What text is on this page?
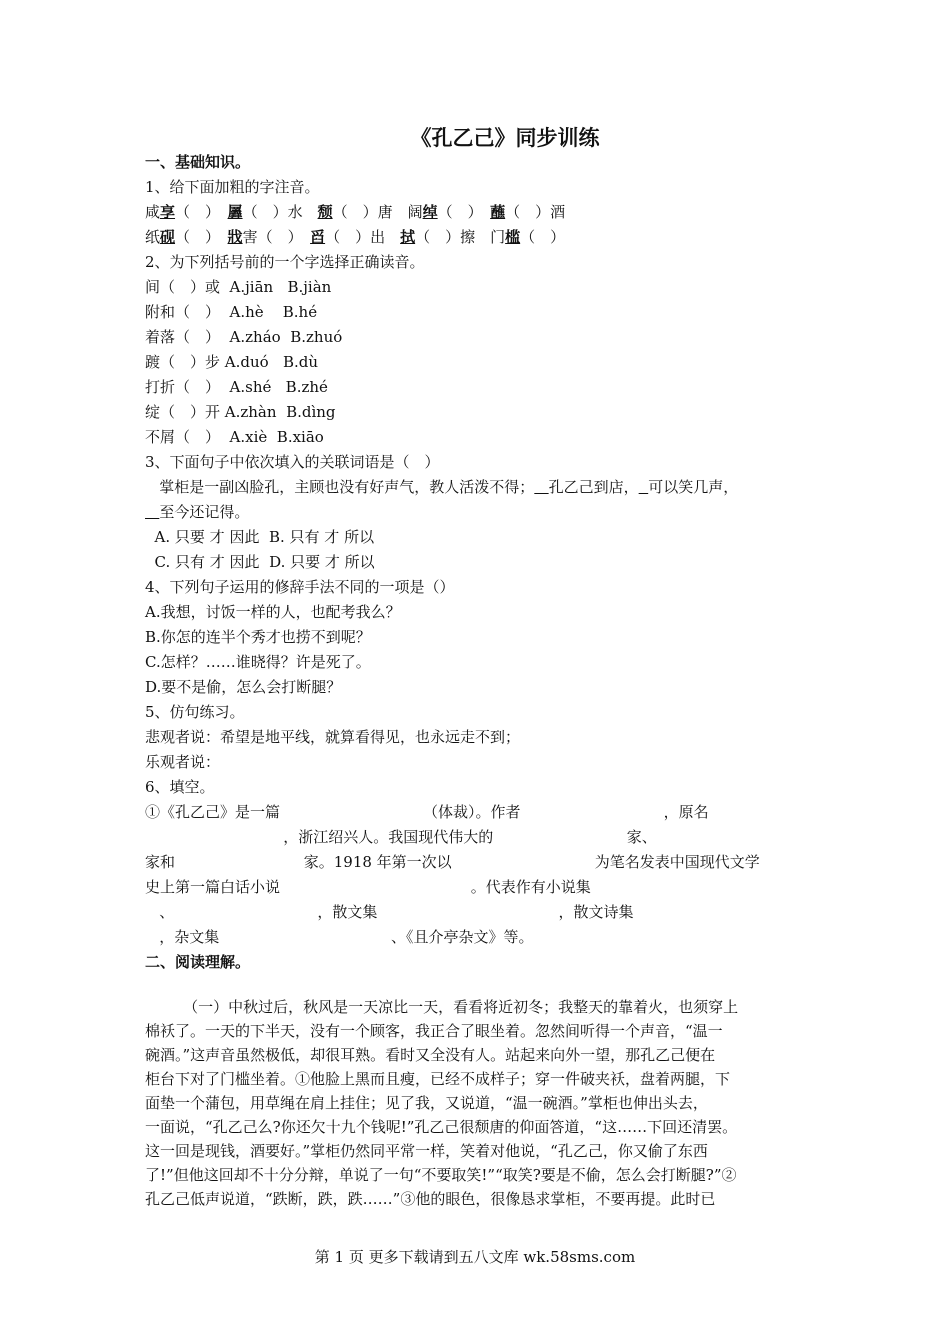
《孔乙己》同步训练
一、基础知识。
1、给下面加粗的字注音。
咸享（　）　羼（　）水　颓（　）唐　阔绰（　）　蘸（　）酒
纸砚（　）　戕害（　）　舀（　）出　拭（　）擦　门槛（　）
2、为下列括号前的一个字选择正确读音。
间（　）或  A.jiān   B.jiàn
附和（　）  A.hè    B.hé
着落（　）  A.zháo  B.zhuó
踱（　）步 A.duó   B.dù
打折（　）  A.shé   B.zhé
绽（　）开 A.zhàn  B.dìng
不屑（　）  A.xiè  B.xiāo
3、下面句子中依次填入的关联词语是（　）
掌柜是一副凶脸孔，主顾也没有好声气，教人活泼不得； 孔乙己到店， 可以笑几声，
至今还记得。
A. 只要 才 因此  B. 只有 才 所以
C. 只有 才 因此  D. 只要 才 所以
4、下列句子运用的修辞手法不同的一项是（）
A.我想，讨饭一样的人，也配考我么？
B.你怎的连半个秀才也捞不到呢？
C.怎样？……谁晓得？许是死了。
D.要不是偷，怎么会打断腿？
5、仿句练习。
悲观者说：希望是地平线，就算看得见，也永远走不到；
乐观者说：
6、填空。
①《孔乙己》是一篇                              （体裁）。作者                              ，原名
，浙江绍兴人。我国现代伟大的                            家、
家和                           家。1918 年第一次以                              为笔名发表中国现代文学
史上第一篇白话小说                                        。代表作有小说集
、                              ，散文集                                      ，散文诗集
，杂文集                                    、《且介亭杂文》等。
二、阅读理解。
（一）中秋过后，秋风是一天凉比一天，看看将近初冬；我整天的靠着火，也须穿上
棉袄了。一天的下半天，没有一个顾客，我正合了眼坐着。忽然间听得一个声音，“温一
碗酒。”这声音虽然极低，却很耳熟。看时又全没有人。站起来向外一望，那孔乙己便在
柜台下对了门槛坐着。①他脸上黑而且瘦，已经不成样子；穿一件破夹袄，盘着两腿，下
面垫一个蒲包，用草绳在肩上挂住；见了我，又说道，“温一碗酒。”掌柜也伸出头去，
一面说，“孔乙己么?你还欠十九个钱呢!”孔乙己很颓唐的仰面答道，“这……下回还清罢。
这一回是现钱，酒要好。”掌柜仍然同平常一样，笑着对他说，“孔乙己，你又偷了东西
了!”但他这回却不十分分辩，单说了一句“不要取笑!”“取笑?要是不偷，怎么会打断腿?”②
孔乙己低声说道，“跌断，跌，跌……”③他的眼色，很像恳求掌柜，不要再提。此时已
第 1 页 更多下载请到五八文库 wk.58sms.com
